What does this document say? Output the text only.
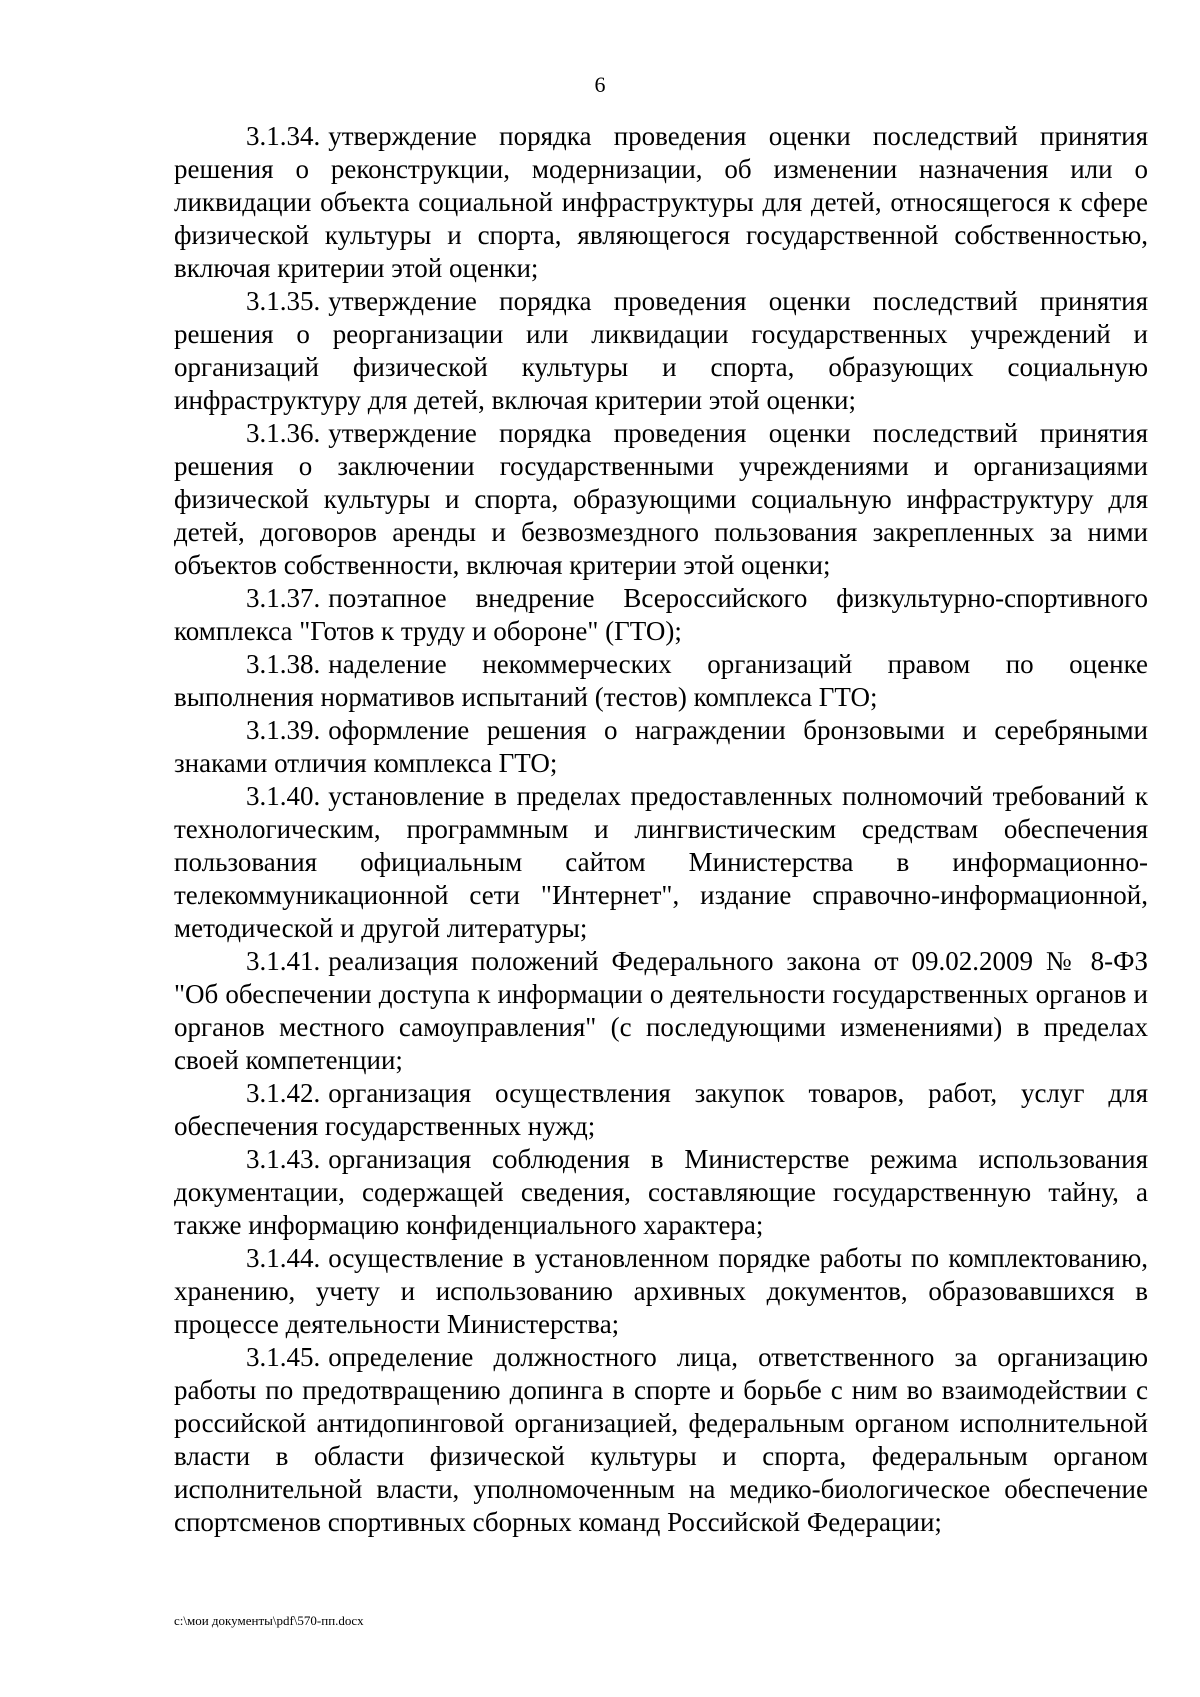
6

3.1.34. утверждение порядка проведения оценки последствий принятия решения о реконструкции, модернизации, об изменении назначения или о ликвидации объекта социальной инфраструктуры для детей, относящегося к сфере физической культуры и спорта, являющегося государственной собственностью, включая критерии этой оценки;

3.1.35. утверждение порядка проведения оценки последствий принятия решения о реорганизации или ликвидации государственных учреждений и организаций физической культуры и спорта, образующих социальную инфраструктуру для детей, включая критерии этой оценки;

3.1.36. утверждение порядка проведения оценки последствий принятия решения о заключении государственными учреждениями и организациями физической культуры и спорта, образующими социальную инфраструктуру для детей, договоров аренды и безвозмездного пользования закрепленных за ними объектов собственности, включая критерии этой оценки;

3.1.37. поэтапное внедрение Всероссийского физкультурно-спортивного комплекса "Готов к труду и обороне" (ГТО);

3.1.38. наделение некоммерческих организаций правом по оценке выполнения нормативов испытаний (тестов) комплекса ГТО;

3.1.39. оформление решения о награждении бронзовыми и серебряными знаками отличия комплекса ГТО;

3.1.40. установление в пределах предоставленных полномочий требований к технологическим, программным и лингвистическим средствам обеспечения пользования официальным сайтом Министерства в информационно-телекоммуникационной сети "Интернет", издание справочно-информационной, методической и другой литературы;

3.1.41. реализация положений Федерального закона от 09.02.2009 № 8-ФЗ "Об обеспечении доступа к информации о деятельности государственных органов и органов местного самоуправления" (с последующими изменениями) в пределах своей компетенции;

3.1.42. организация осуществления закупок товаров, работ, услуг для обеспечения государственных нужд;

3.1.43. организация соблюдения в Министерстве режима использования документации, содержащей сведения, составляющие государственную тайну, а также информацию конфиденциального характера;

3.1.44. осуществление в установленном порядке работы по комплектованию, хранению, учету и использованию архивных документов, образовавшихся в процессе деятельности Министерства;

3.1.45. определение должностного лица, ответственного за организацию работы по предотвращению допинга в спорте и борьбе с ним во взаимодействии с российской антидопинговой организацией, федеральным органом исполнительной власти в области физической культуры и спорта, федеральным органом исполнительной власти, уполномоченным на медико-биологическое обеспечение спортсменов спортивных сборных команд Российской Федерации;

c:\мои документы\pdf\570-пп.docx
